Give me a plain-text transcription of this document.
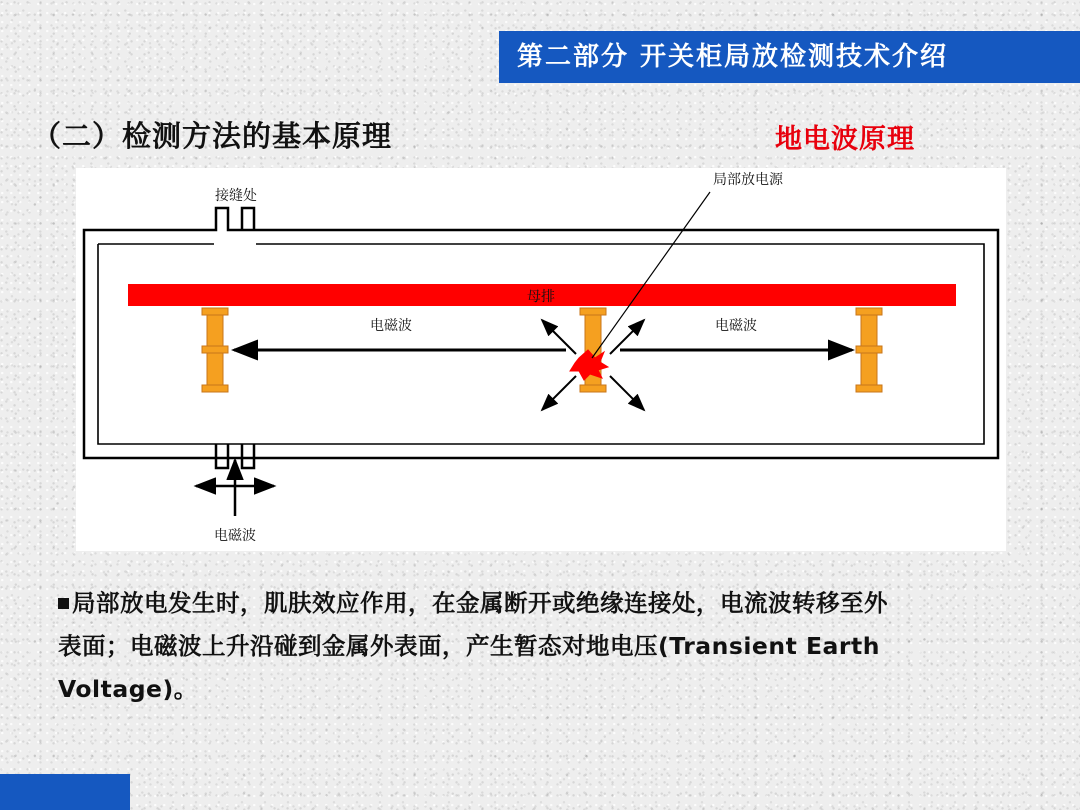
第二部分 开关柜局放检测技术介绍
（二）检测方法的基本原理	地电波原理
母排
电磁波	电磁波
电磁波
接缝处
局部放电源
局部放电发生时，肌肤效应作用，在金属断开或绝缘连接处，电流波转移至外
表面；电磁波上升沿碰到金属外表面，产生暂态对地电压(Transient Earth
Voltage)。
